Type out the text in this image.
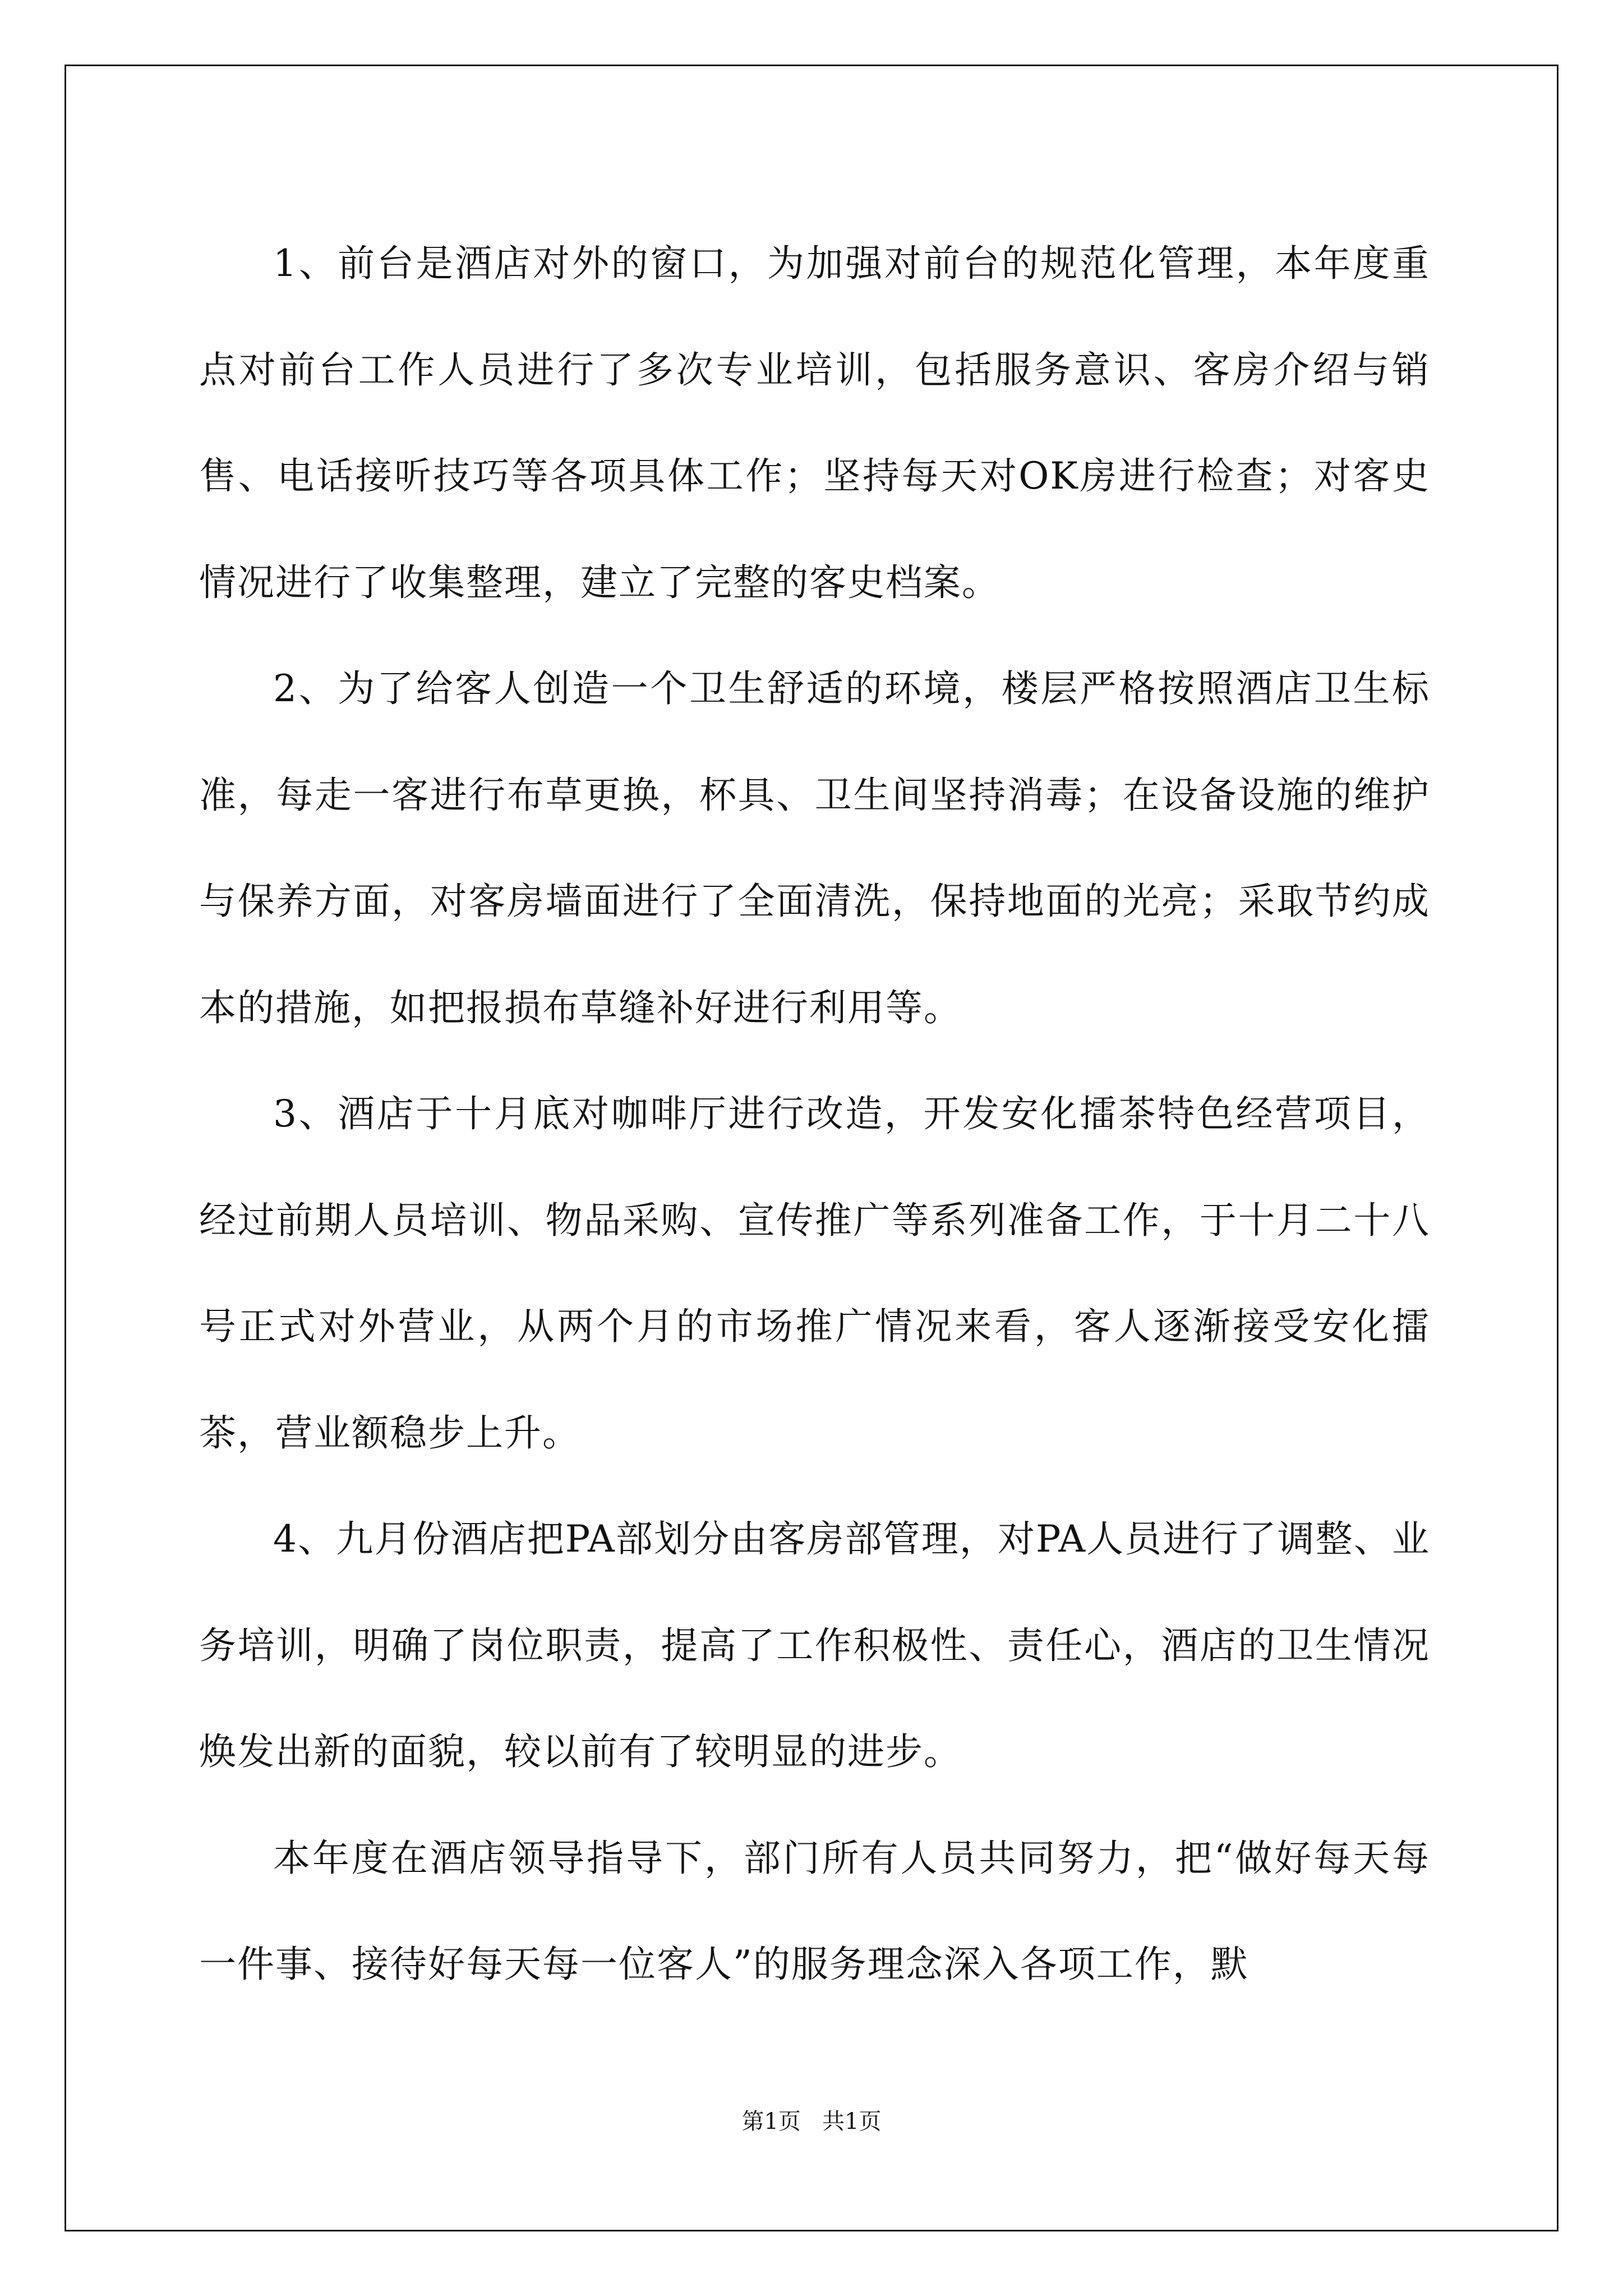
1、前台是酒店对外的窗口，为加强对前台的规范化管理，本年度重点对前台工作人员进行了多次专业培训，包括服务意识、客房介绍与销售、电话接听技巧等各项具体工作；坚持每天对OK房进行检查；对客史情况进行了收集整理，建立了完整的客史档案。

2、为了给客人创造一个卫生舒适的环境，楼层严格按照酒店卫生标准，每走一客进行布草更换，杯具、卫生间坚持消毒；在设备设施的维护与保养方面，对客房墙面进行了全面清洗，保持地面的光亮；采取节约成本的措施，如把报损布草缝补好进行利用等。

3、酒店于十月底对咖啡厅进行改造，开发安化擂茶特色经营项目，经过前期人员培训、物品采购、宣传推广等系列准备工作，于十月二十八号正式对外营业，从两个月的市场推广情况来看，客人逐渐接受安化擂茶，营业额稳步上升。

4、九月份酒店把PA部划分由客房部管理，对PA人员进行了调整、业务培训，明确了岗位职责，提高了工作积极性、责任心，酒店的卫生情况焕发出新的面貌，较以前有了较明显的进步。

本年度在酒店领导指导下，部门所有人员共同努力，把“做好每天每一件事、接待好每天每一位客人”的服务理念深入各项工作，默

第1页   共1页
